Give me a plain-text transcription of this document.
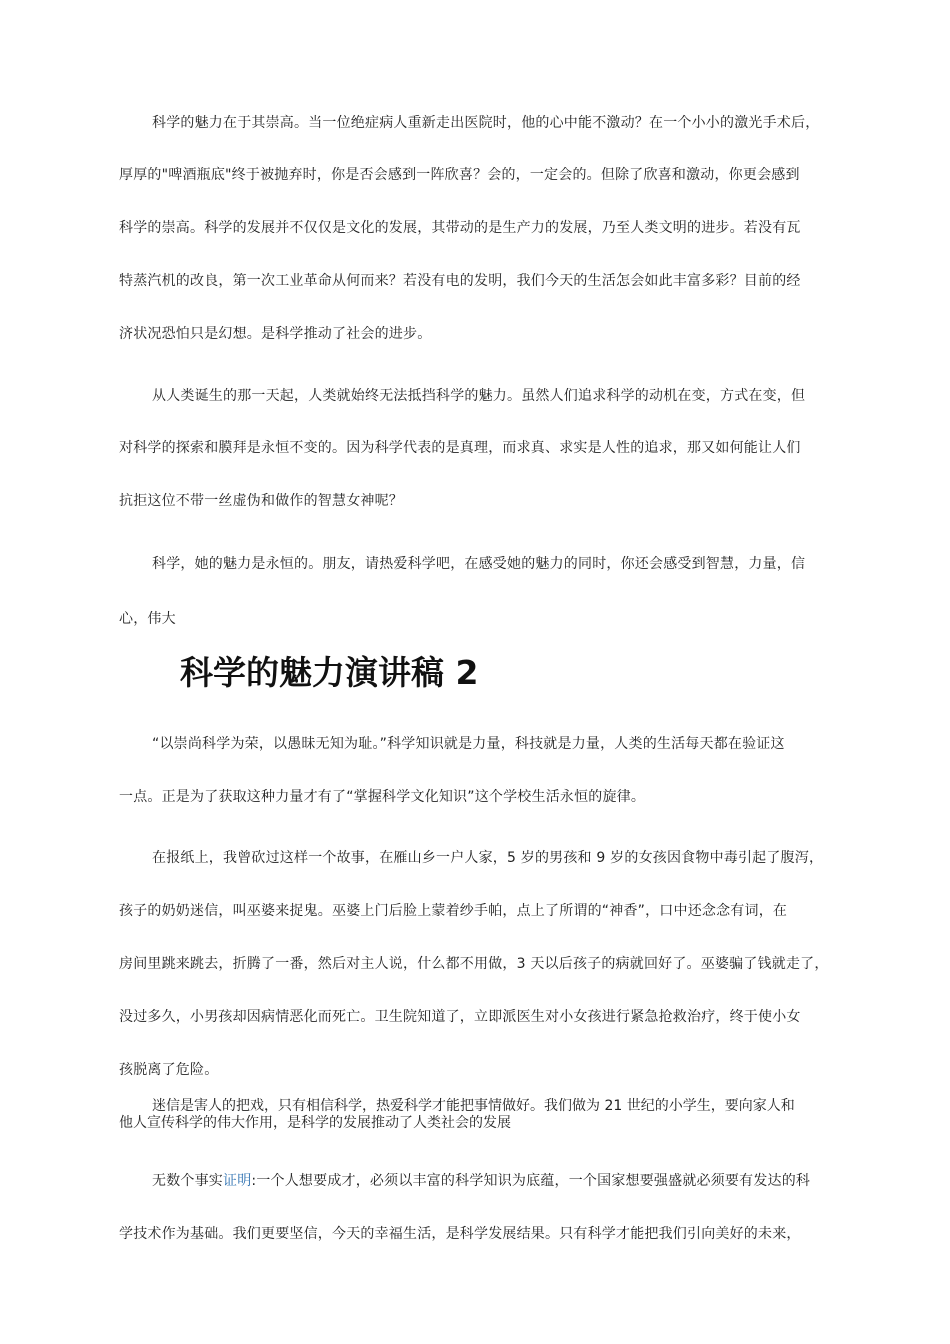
科学的魅力在于其崇高。当一位绝症病人重新走出医院时，他的心中能不激动？在一个小小的激光手术后，
厚厚的"啤酒瓶底"终于被抛弃时，你是否会感到一阵欣喜？会的，一定会的。但除了欣喜和激动，你更会感到
科学的崇高。科学的发展并不仅仅是文化的发展，其带动的是生产力的发展，乃至人类文明的进步。若没有瓦
特蒸汽机的改良，第一次工业革命从何而来？若没有电的发明，我们今天的生活怎会如此丰富多彩？目前的经
济状况恐怕只是幻想。是科学推动了社会的进步。
从人类诞生的那一天起，人类就始终无法抵挡科学的魅力。虽然人们追求科学的动机在变，方式在变，但
对科学的探索和膜拜是永恒不变的。因为科学代表的是真理，而求真、求实是人性的追求，那又如何能让人们
抗拒这位不带一丝虚伪和做作的智慧女神呢？
科学，她的魅力是永恒的。朋友，请热爱科学吧，在感受她的魅力的同时，你还会感受到智慧，力量，信
心，伟大
科学的魅力演讲稿 2
“以崇尚科学为荣，以愚昧无知为耻。”科学知识就是力量，科技就是力量，人类的生活每天都在验证这
一点。正是为了获取这种力量才有了“掌握科学文化知识”这个学校生活永恒的旋律。
在报纸上，我曾砍过这样一个故事，在雁山乡一户人家，5 岁的男孩和 9 岁的女孩因食物中毒引起了腹泻，
孩子的奶奶迷信，叫巫婆来捉鬼。巫婆上门后脸上蒙着纱手帕，点上了所谓的“神香”，口中还念念有词，在
房间里跳来跳去，折腾了一番，然后对主人说，什么都不用做，3 天以后孩子的病就回好了。巫婆骗了钱就走了，
没过多久，小男孩却因病情恶化而死亡。卫生院知道了，立即派医生对小女孩进行紧急抢救治疗，终于使小女
孩脱离了危险。
迷信是害人的把戏，只有相信科学，热爱科学才能把事情做好。我们做为 21 世纪的小学生，要向家人和
他人宣传科学的伟大作用，是科学的发展推动了人类社会的发展
无数个事实证明:一个人想要成才，必须以丰富的科学知识为底蕴，一个国家想要强盛就必须要有发达的科
学技术作为基础。我们更要坚信，今天的幸福生活，是科学发展结果。只有科学才能把我们引向美好的未来，
